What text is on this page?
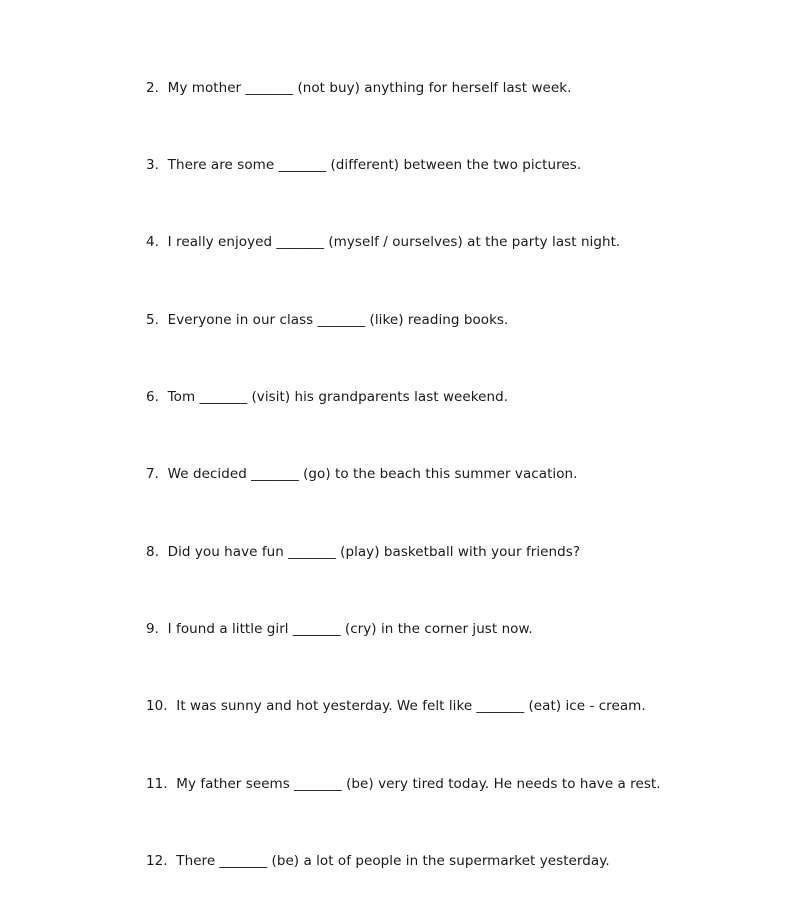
2.  My mother _______ (not buy) anything for herself last week.
3.  There are some _______ (different) between the two pictures.
4.  I really enjoyed _______ (myself / ourselves) at the party last night.
5.  Everyone in our class _______ (like) reading books.
6.  Tom _______ (visit) his grandparents last weekend.
7.  We decided _______ (go) to the beach this summer vacation.
8.  Did you have fun _______ (play) basketball with your friends?
9.  I found a little girl _______ (cry) in the corner just now.
10.  It was sunny and hot yesterday. We felt like _______ (eat) ice - cream.
11.  My father seems _______ (be) very tired today. He needs to have a rest.
12.  There _______ (be) a lot of people in the supermarket yesterday.
